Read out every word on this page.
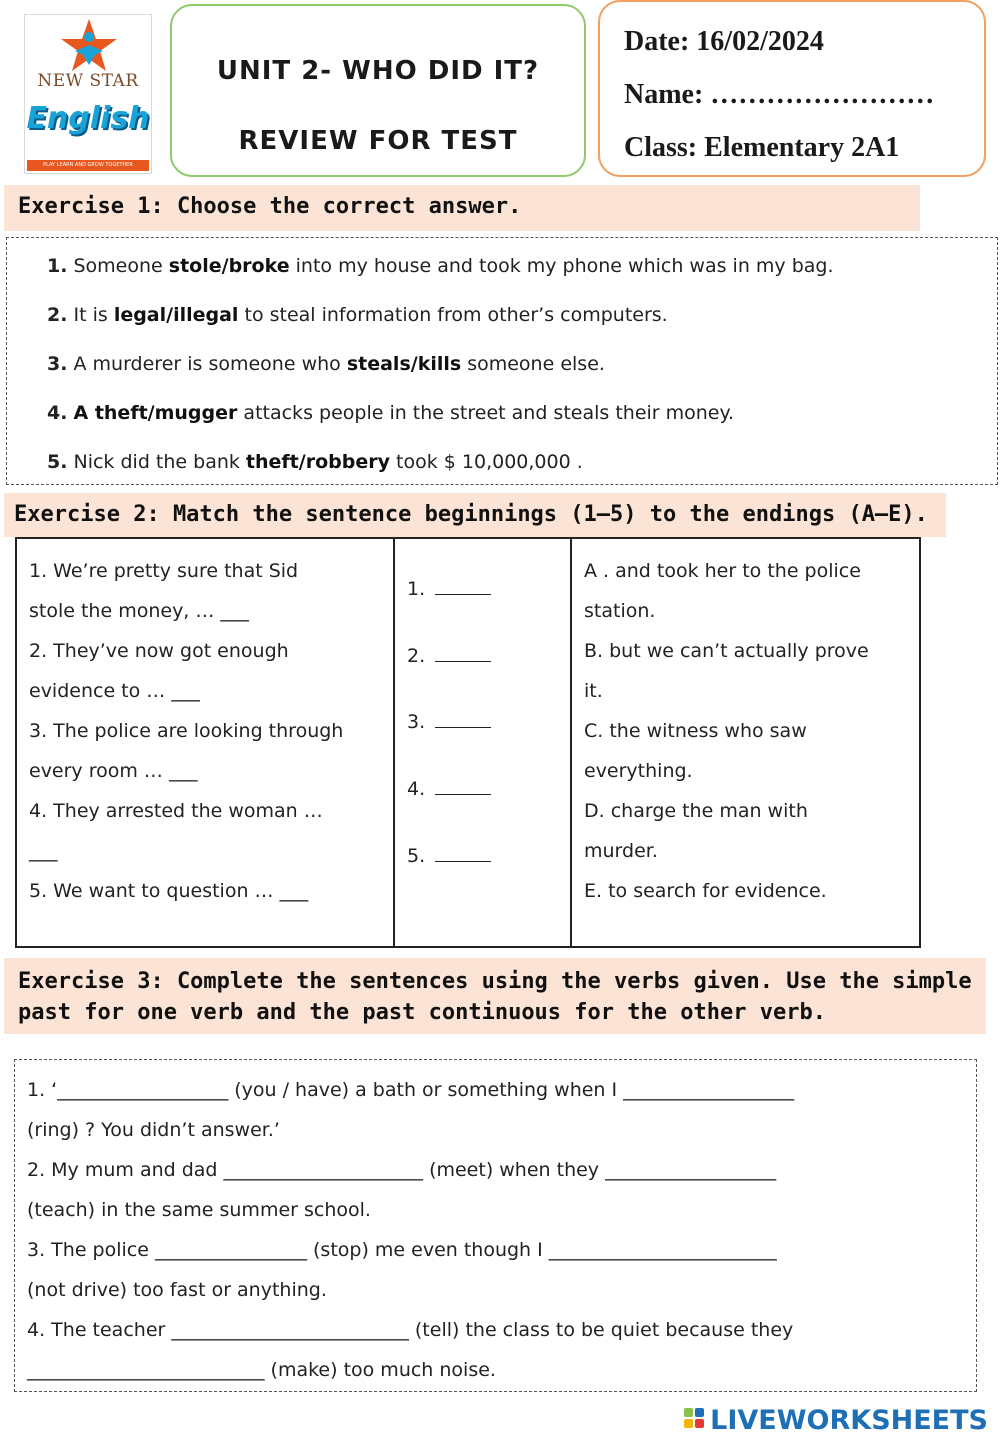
NEW STAR
English
PLAY LEARN AND GROW TOGETHER
UNIT 2- WHO DID IT?
REVIEW FOR TEST
Date: 16/02/2024
Name: ……………………
Class: Elementary 2A1
Exercise 1: Choose the correct answer.
1. Someone stole/broke into my house and took my phone which was in my bag.
2. It is legal/illegal to steal information from other’s computers.
3. A murderer is someone who steals/kills someone else.
4. A theft/mugger attacks people in the street and steals their money.
5. Nick did the bank theft/robbery took $ 10,000,000 .
Exercise 2: Match the sentence beginnings (1–5) to the endings (A–E).
1. We’re pretty sure that Sid
stole the money, … ___
2. They’ve now got enough
evidence to … ___
3. The police are looking through
every room … ___
4. They arrested the woman …
___
5. We want to question … ___
1.
2.
3.
4.
5.
A . and took her to the police
station.
B. but we can’t actually prove
it.
C. the witness who saw
everything.
D. charge the man with
murder.
E. to search for evidence.
Exercise 3: Complete the sentences using the verbs given. Use the simple
past for one verb and the past continuous for the other verb.
1. ‘__________________ (you / have) a bath or something when I __________________
(ring) ? You didn’t answer.’
2. My mum and dad _____________________ (meet) when they __________________
(teach) in the same summer school.
3. The police ________________ (stop) me even though I ________________________
(not drive) too fast or anything.
4. The teacher _________________________ (tell) the class to be quiet because they
_________________________ (make) too much noise.
LIVEWORKSHEETS
